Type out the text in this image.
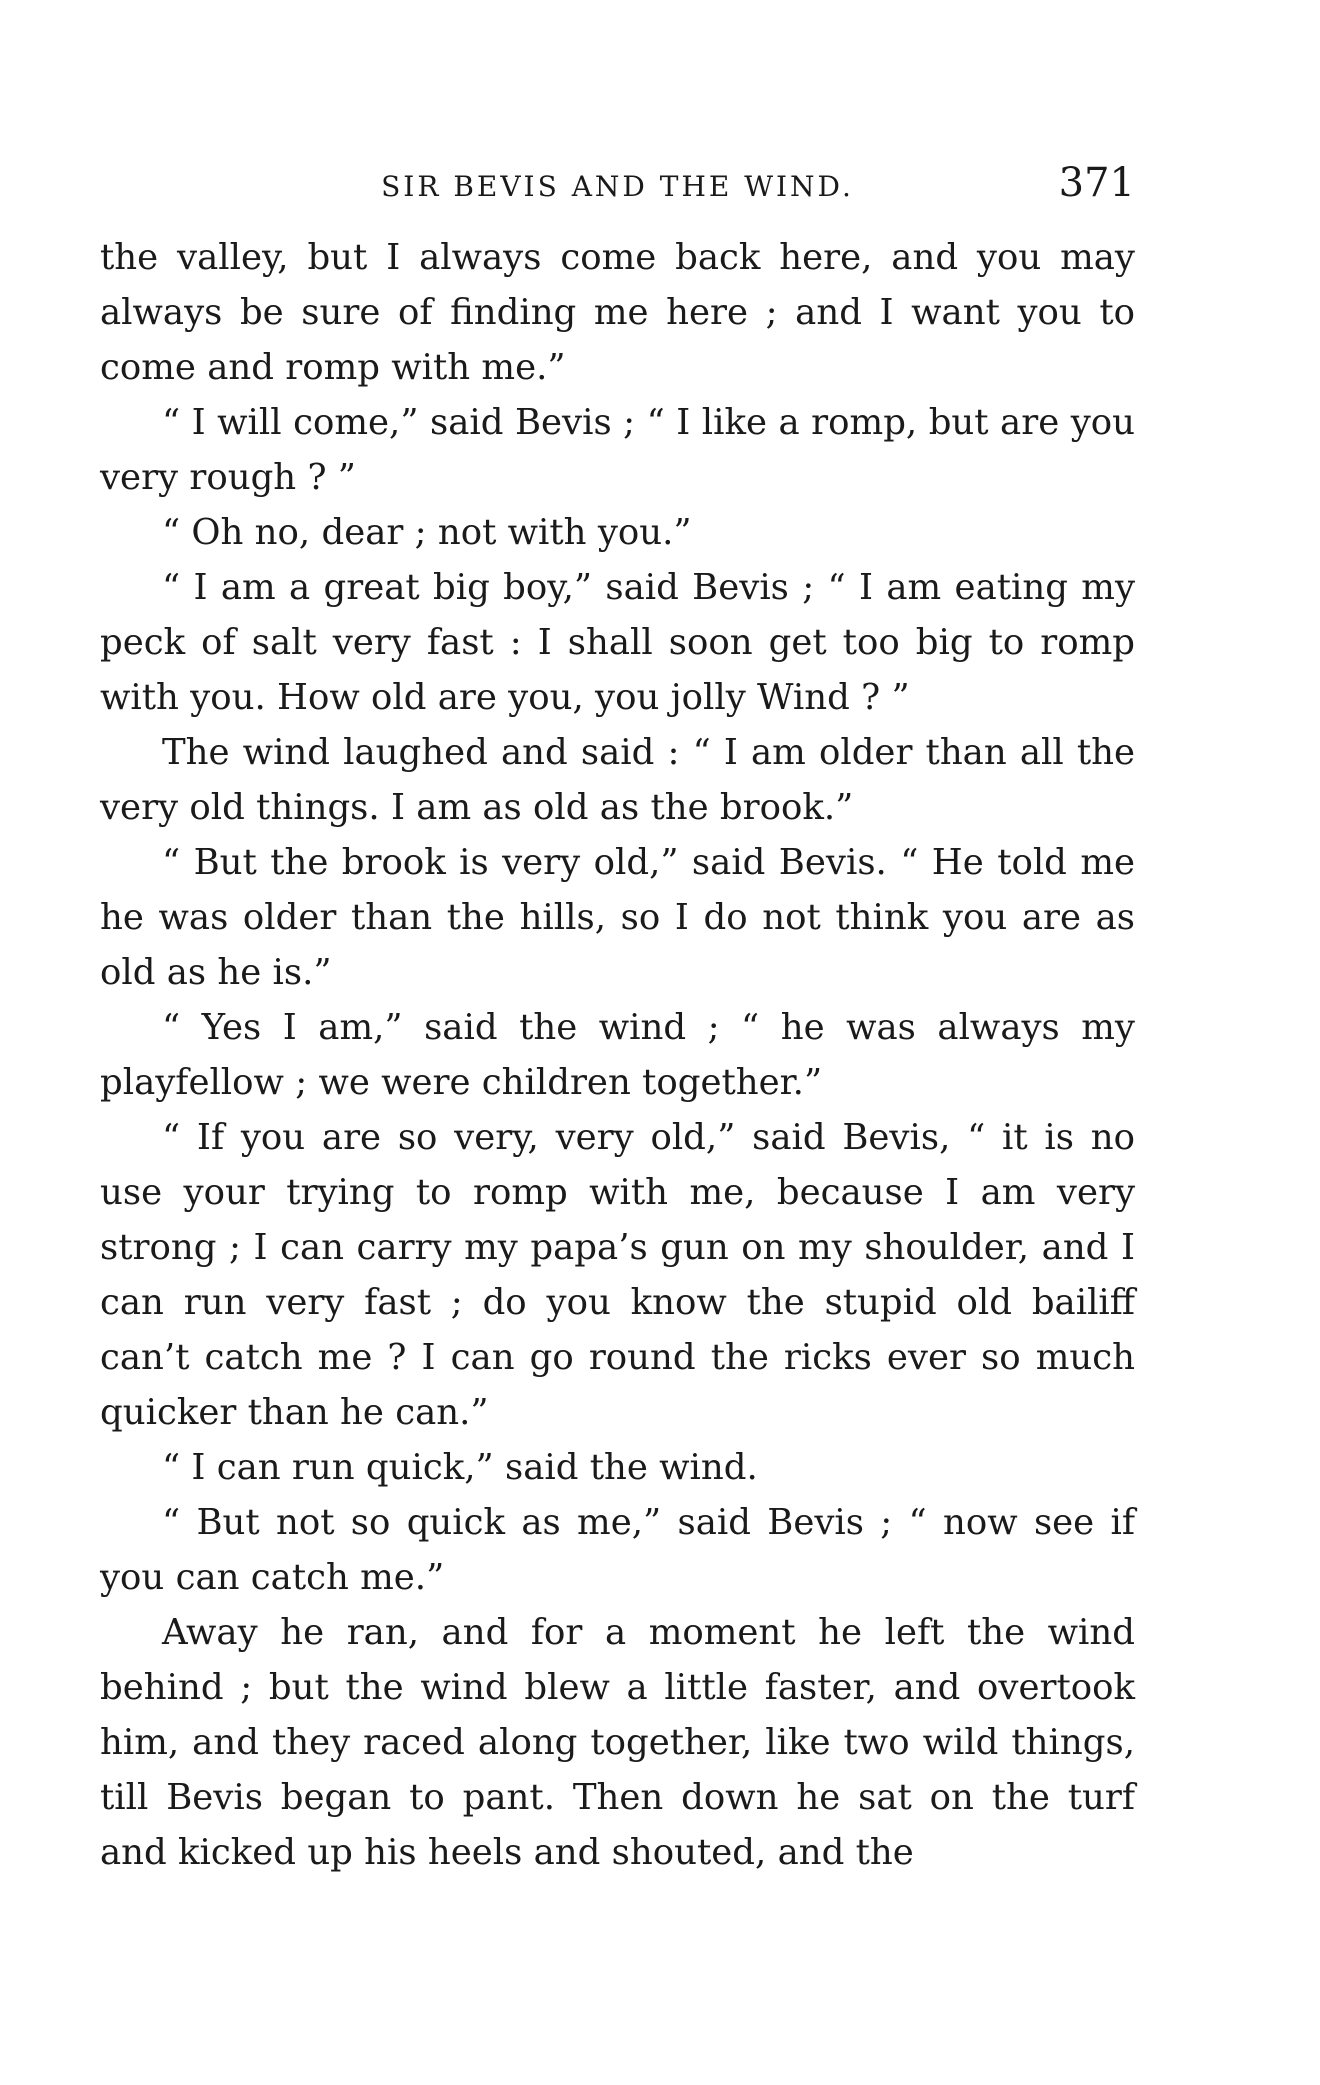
SIR BEVIS AND THE WIND.	371

the valley, but I always come back here, and you may always be sure of finding me here ; and I want you to come and romp with me.”

“ I will come,” said Bevis ; “ I like a romp, but are you very rough ? ”

“ Oh no, dear ; not with you.”

“ I am a great big boy,” said Bevis ; “ I am eating my peck of salt very fast : I shall soon get too big to romp with you. How old are you, you jolly Wind ? ”

The wind laughed and said : “ I am older than all the very old things. I am as old as the brook.”

“ But the brook is very old,” said Bevis. “ He told me he was older than the hills, so I do not think you are as old as he is.”

“ Yes I am,” said the wind ; “ he was always my playfellow ; we were children together.”

“ If you are so very, very old,” said Bevis, “ it is no use your trying to romp with me, because I am very strong ; I can carry my papa’s gun on my shoulder, and I can run very fast ; do you know the stupid old bailiff can’t catch me ? I can go round the ricks ever so much quicker than he can.”

“ I can run quick,” said the wind.

“ But not so quick as me,” said Bevis ; “ now see if you can catch me.”

Away he ran, and for a moment he left the wind behind ; but the wind blew a little faster, and overtook him, and they raced along together, like two wild things, till Bevis began to pant. Then down he sat on the turf and kicked up his heels and shouted, and the
